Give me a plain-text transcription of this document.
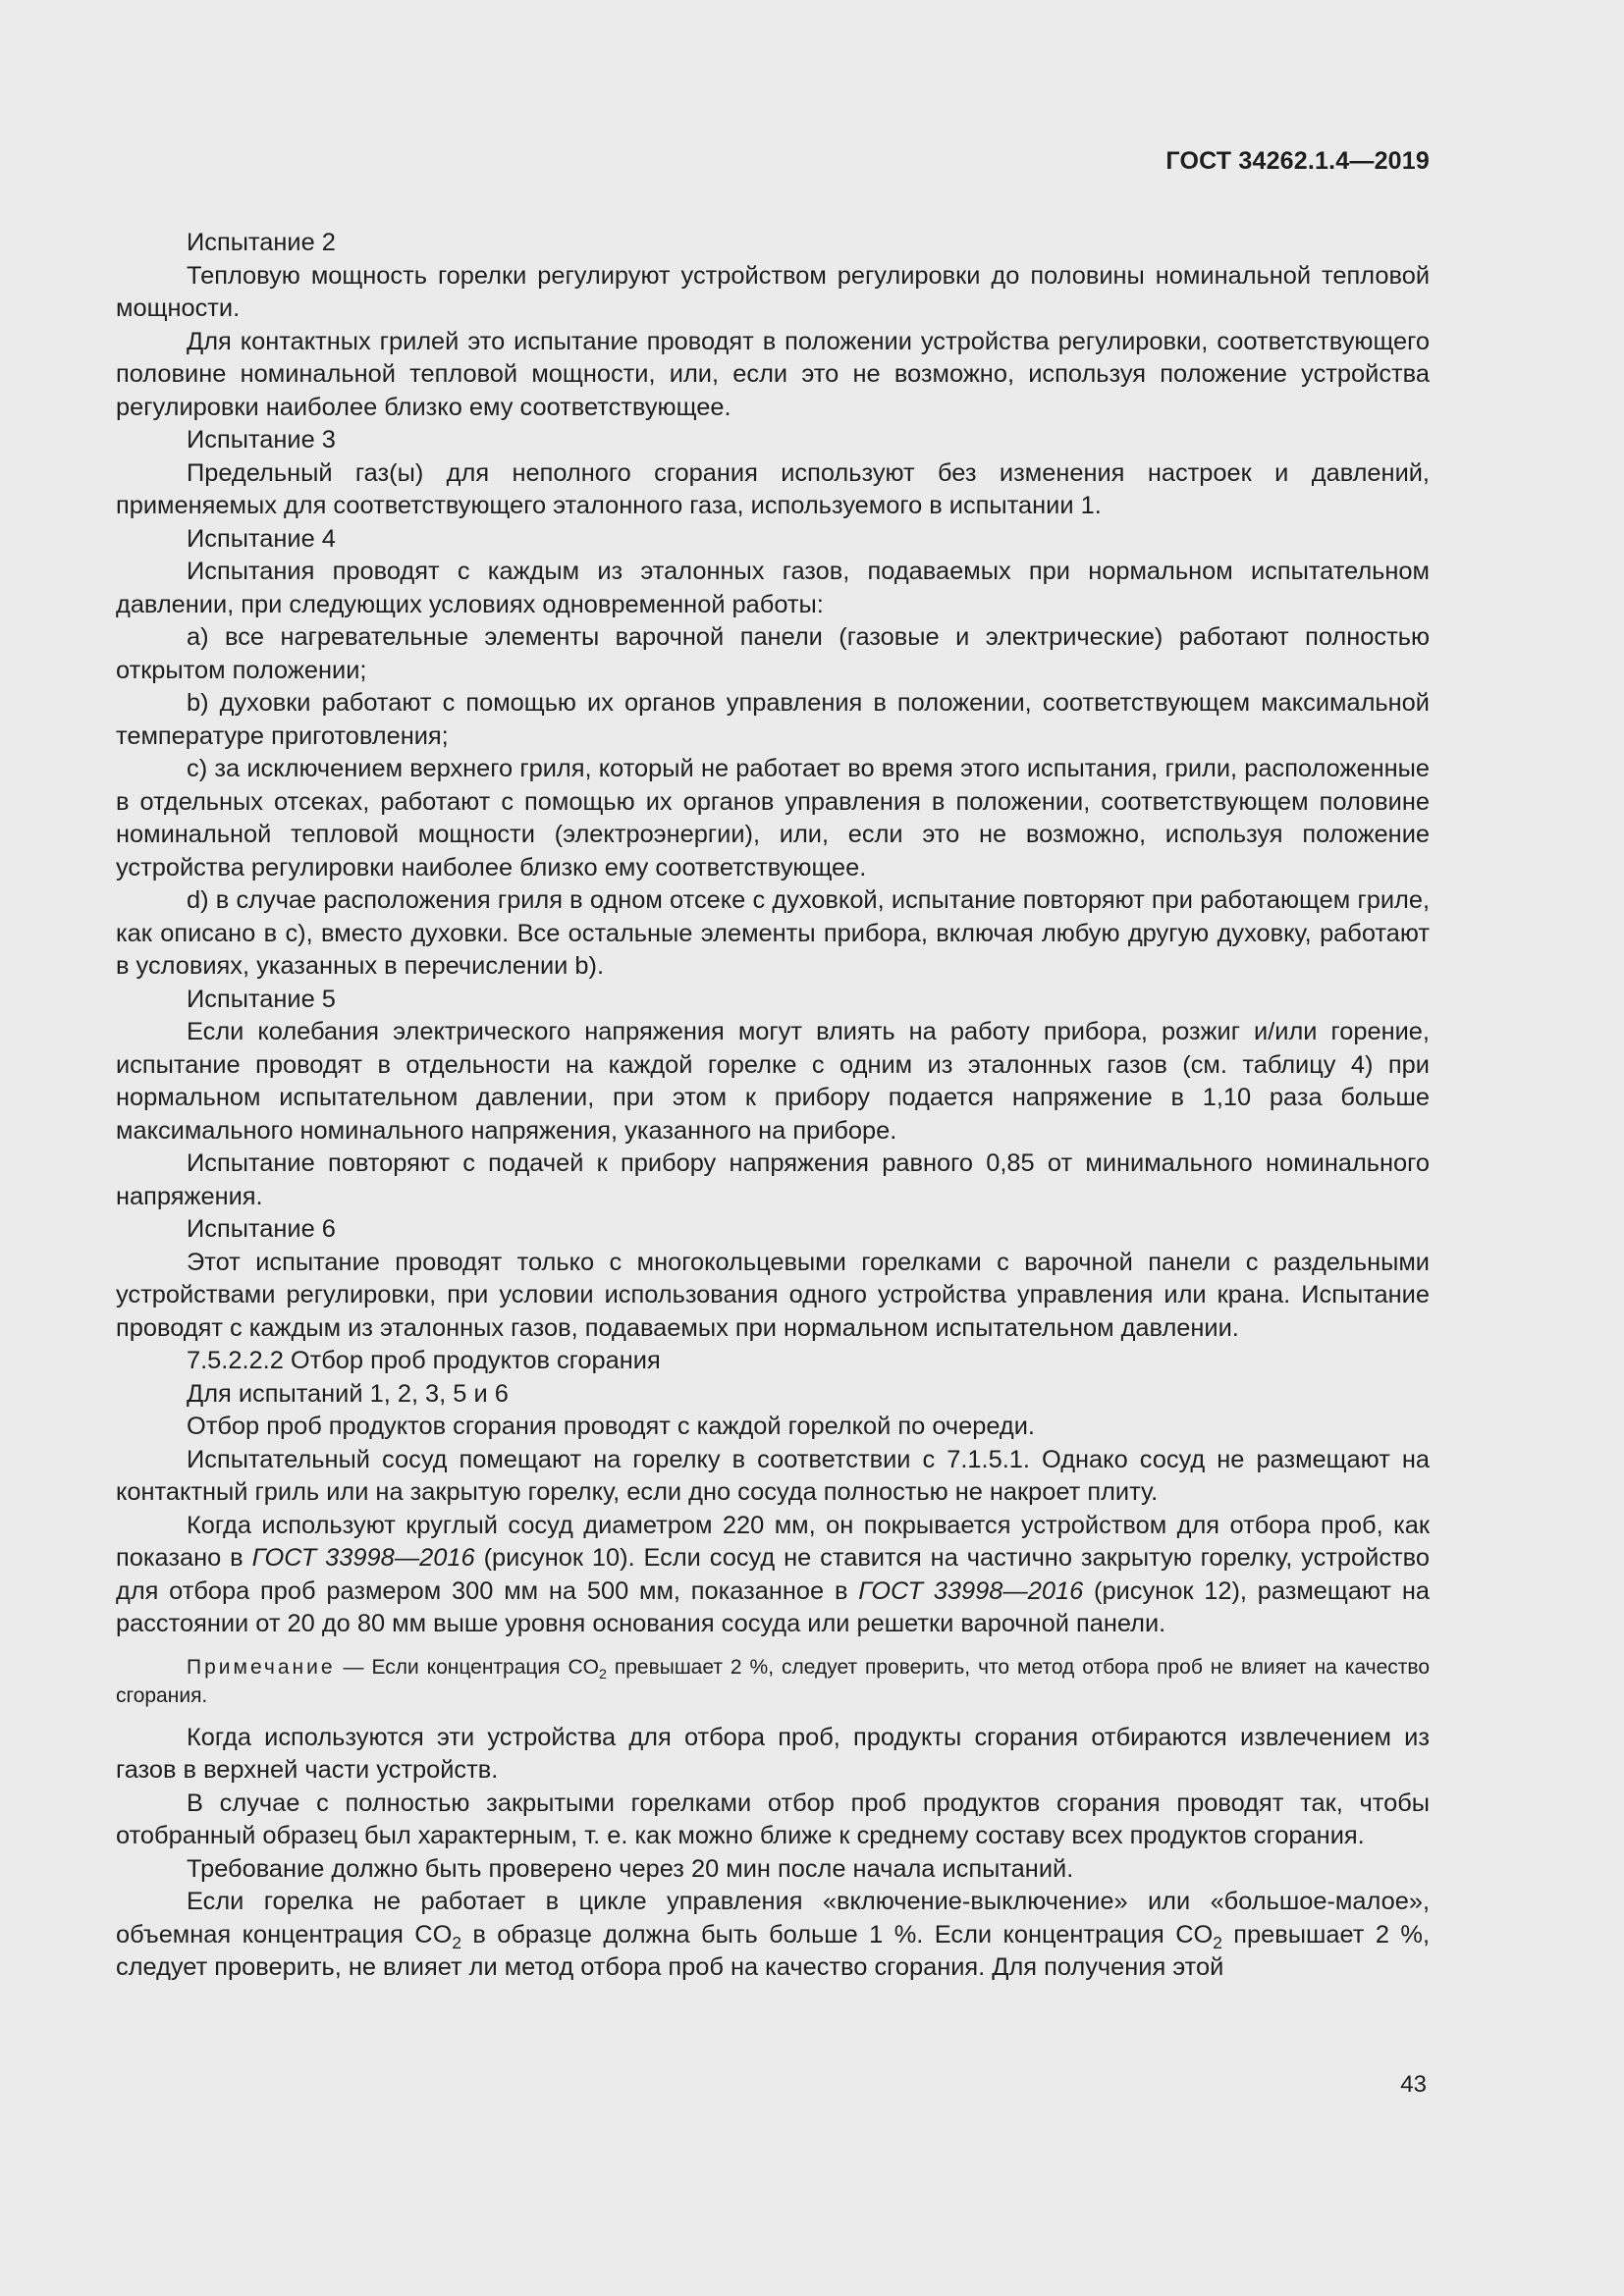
ГОСТ 34262.1.4—2019

Испытание 2

Тепловую мощность горелки регулируют устройством регулировки до половины номинальной тепловой мощности.

Для контактных грилей это испытание проводят в положении устройства регулировки, соответствующего половине номинальной тепловой мощности, или, если это не возможно, используя положение устройства регулировки наиболее близко ему соответствующее.

Испытание 3

Предельный газ(ы) для неполного сгорания используют без изменения настроек и давлений, применяемых для соответствующего эталонного газа, используемого в испытании 1.

Испытание 4

Испытания проводят с каждым из эталонных газов, подаваемых при нормальном испытательном давлении, при следующих условиях одновременной работы:

а) все нагревательные элементы варочной панели (газовые и электрические) работают полностью открытом положении;

b) духовки работают с помощью их органов управления в положении, соответствующем максимальной температуре приготовления;

c) за исключением верхнего гриля, который не работает во время этого испытания, грили, расположенные в отдельных отсеках, работают с помощью их органов управления в положении, соответствующем половине номинальной тепловой мощности (электроэнергии), или, если это не возможно, используя положение устройства регулировки наиболее близко ему соответствующее.

d) в случае расположения гриля в одном отсеке с духовкой, испытание повторяют при работающем гриле, как описано в с), вместо духовки. Все остальные элементы прибора, включая любую другую духовку, работают в условиях, указанных в перечислении b).

Испытание 5

Если колебания электрического напряжения могут влиять на работу прибора, розжиг и/или горение, испытание проводят в отдельности на каждой горелке с одним из эталонных газов (см. таблицу 4) при нормальном испытательном давлении, при этом к прибору подается напряжение в 1,10 раза больше максимального номинального напряжения, указанного на приборе.

Испытание повторяют с подачей к прибору напряжения равного 0,85 от минимального номинального напряжения.

Испытание 6

Этот испытание проводят только с многокольцевыми горелками с варочной панели с раздельными устройствами регулировки, при условии использования одного устройства управления или крана. Испытание проводят с каждым из эталонных газов, подаваемых при нормальном испытательном давлении.

7.5.2.2.2 Отбор проб продуктов сгорания

Для испытаний 1, 2, 3, 5 и 6

Отбор проб продуктов сгорания проводят с каждой горелкой по очереди.

Испытательный сосуд помещают на горелку в соответствии с 7.1.5.1. Однако сосуд не размещают на контактный гриль или на закрытую горелку, если дно сосуда полностью не накроет плиту.

Когда используют круглый сосуд диаметром 220 мм, он покрывается устройством для отбора проб, как показано в ГОСТ 33998—2016 (рисунок 10). Если сосуд не ставится на частично закрытую горелку, устройство для отбора проб размером 300 мм на 500 мм, показанное в ГОСТ 33998—2016 (рисунок 12), размещают на расстоянии от 20 до 80 мм выше уровня основания сосуда или решетки варочной панели.

Примечание — Если концентрация $CO_2$ превышает 2 %, следует проверить, что метод отбора проб не влияет на качество сгорания.

Когда используются эти устройства для отбора проб, продукты сгорания отбираются извлечением из газов в верхней части устройств.

В случае с полностью закрытыми горелками отбор проб продуктов сгорания проводят так, чтобы отобранный образец был характерным, т. е. как можно ближе к среднему составу всех продуктов сгорания.

Требование должно быть проверено через 20 мин после начала испытаний.

Если горелка не работает в цикле управления «включение-выключение» или «большое-малое», объемная концентрация $CO_2$ в образце должна быть больше 1 %. Если концентрация $CO_2$ превышает 2 %, следует проверить, не влияет ли метод отбора проб на качество сгорания. Для получения этой

43
